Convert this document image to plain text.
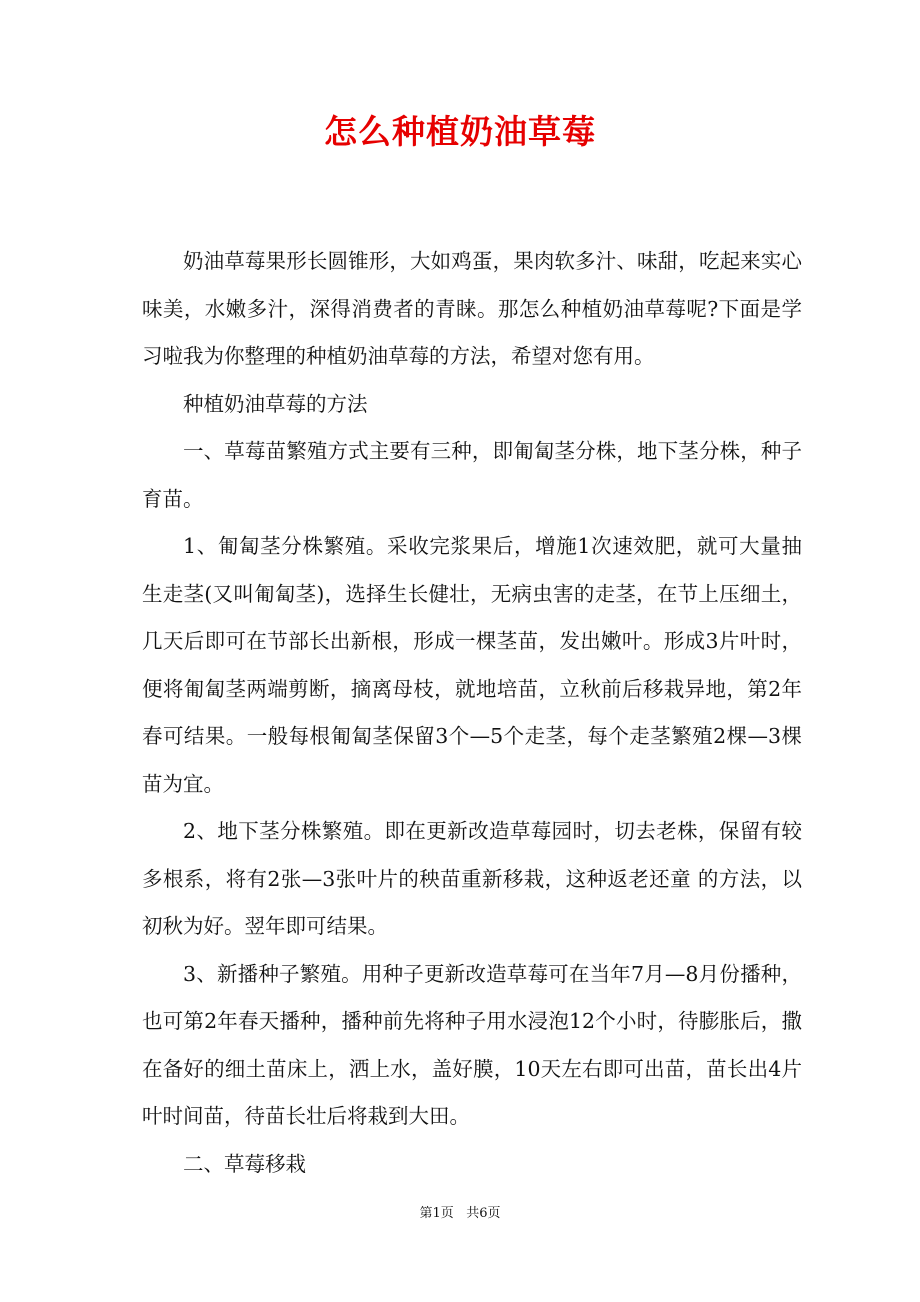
怎么种植奶油草莓

奶油草莓果形长圆锥形，大如鸡蛋，果肉软多汁、味甜，吃起来实心味美，水嫩多汁，深得消费者的青睐。那怎么种植奶油草莓呢?下面是学习啦我为你整理的种植奶油草莓的方法，希望对您有用。

种植奶油草莓的方法

一、草莓苗繁殖方式主要有三种，即匍匐茎分株，地下茎分株，种子育苗。

1、匍匐茎分株繁殖。采收完浆果后，增施1次速效肥，就可大量抽生走茎(又叫匍匐茎)，选择生长健壮，无病虫害的走茎，在节上压细土，几天后即可在节部长出新根，形成一棵茎苗，发出嫩叶。形成3片叶时，便将匍匐茎两端剪断，摘离母枝，就地培苗，立秋前后移栽异地，第2年春可结果。一般每根匍匐茎保留3个—5个走茎，每个走茎繁殖2棵—3棵苗为宜。

2、地下茎分株繁殖。即在更新改造草莓园时，切去老株，保留有较多根系，将有2张—3张叶片的秧苗重新移栽，这种返老还童 的方法，以初秋为好。翌年即可结果。

3、新播种子繁殖。用种子更新改造草莓可在当年7月—8月份播种，也可第2年春天播种，播种前先将种子用水浸泡12个小时，待膨胀后，撒在备好的细土苗床上，洒上水，盖好膜，10天左右即可出苗，苗长出4片叶时间苗，待苗长壮后将栽到大田。

二、草莓移栽

第1页 共6页
